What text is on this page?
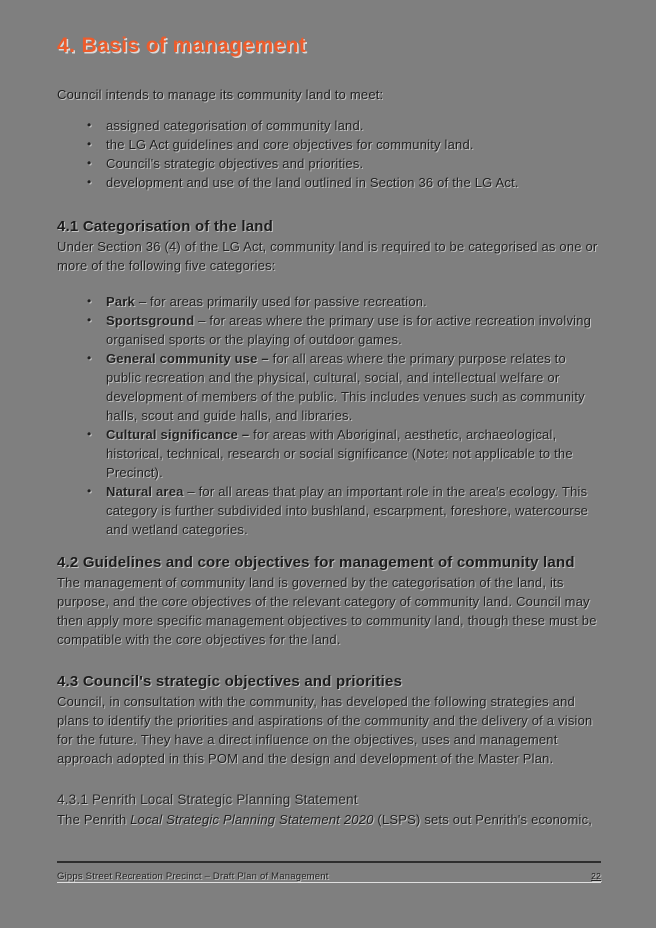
4. Basis of management

Council intends to manage its community land to meet:

• assigned categorisation of community land.
• the LG Act guidelines and core objectives for community land.
• Council's strategic objectives and priorities.
• development and use of the land outlined in Section 36 of the LG Act.
4.1 Categorisation of the land

Under Section 36 (4) of the LG Act, community land is required to be categorised as one or more of the following five categories:

• Park – for areas primarily used for passive recreation.
• Sportsground – for areas where the primary use is for active recreation involving organised sports or the playing of outdoor games.
• General community use – for all areas where the primary purpose relates to public recreation and the physical, cultural, social, and intellectual welfare or development of members of the public. This includes venues such as community halls, scout and guide halls, and libraries.
• Cultural significance – for areas with Aboriginal, aesthetic, archaeological, historical, technical, research or social significance (Note: not applicable to the Precinct).
• Natural area – for all areas that play an important role in the area's ecology. This category is further subdivided into bushland, escarpment, foreshore, watercourse and wetland categories.
4.2 Guidelines and core objectives for management of community land

The management of community land is governed by the categorisation of the land, its purpose, and the core objectives of the relevant category of community land. Council may then apply more specific management objectives to community land, though these must be compatible with the core objectives for the land.

4.3 Council's strategic objectives and priorities

Council, in consultation with the community, has developed the following strategies and plans to identify the priorities and aspirations of the community and the delivery of a vision for the future. They have a direct influence on the objectives, uses and management approach adopted in this POM and the design and development of the Master Plan.

4.3.1 Penrith Local Strategic Planning Statement

The Penrith Local Strategic Planning Statement 2020 (LSPS) sets out Penrith's economic,

Gipps Street Recreation Precinct – Draft Plan of Management	22
